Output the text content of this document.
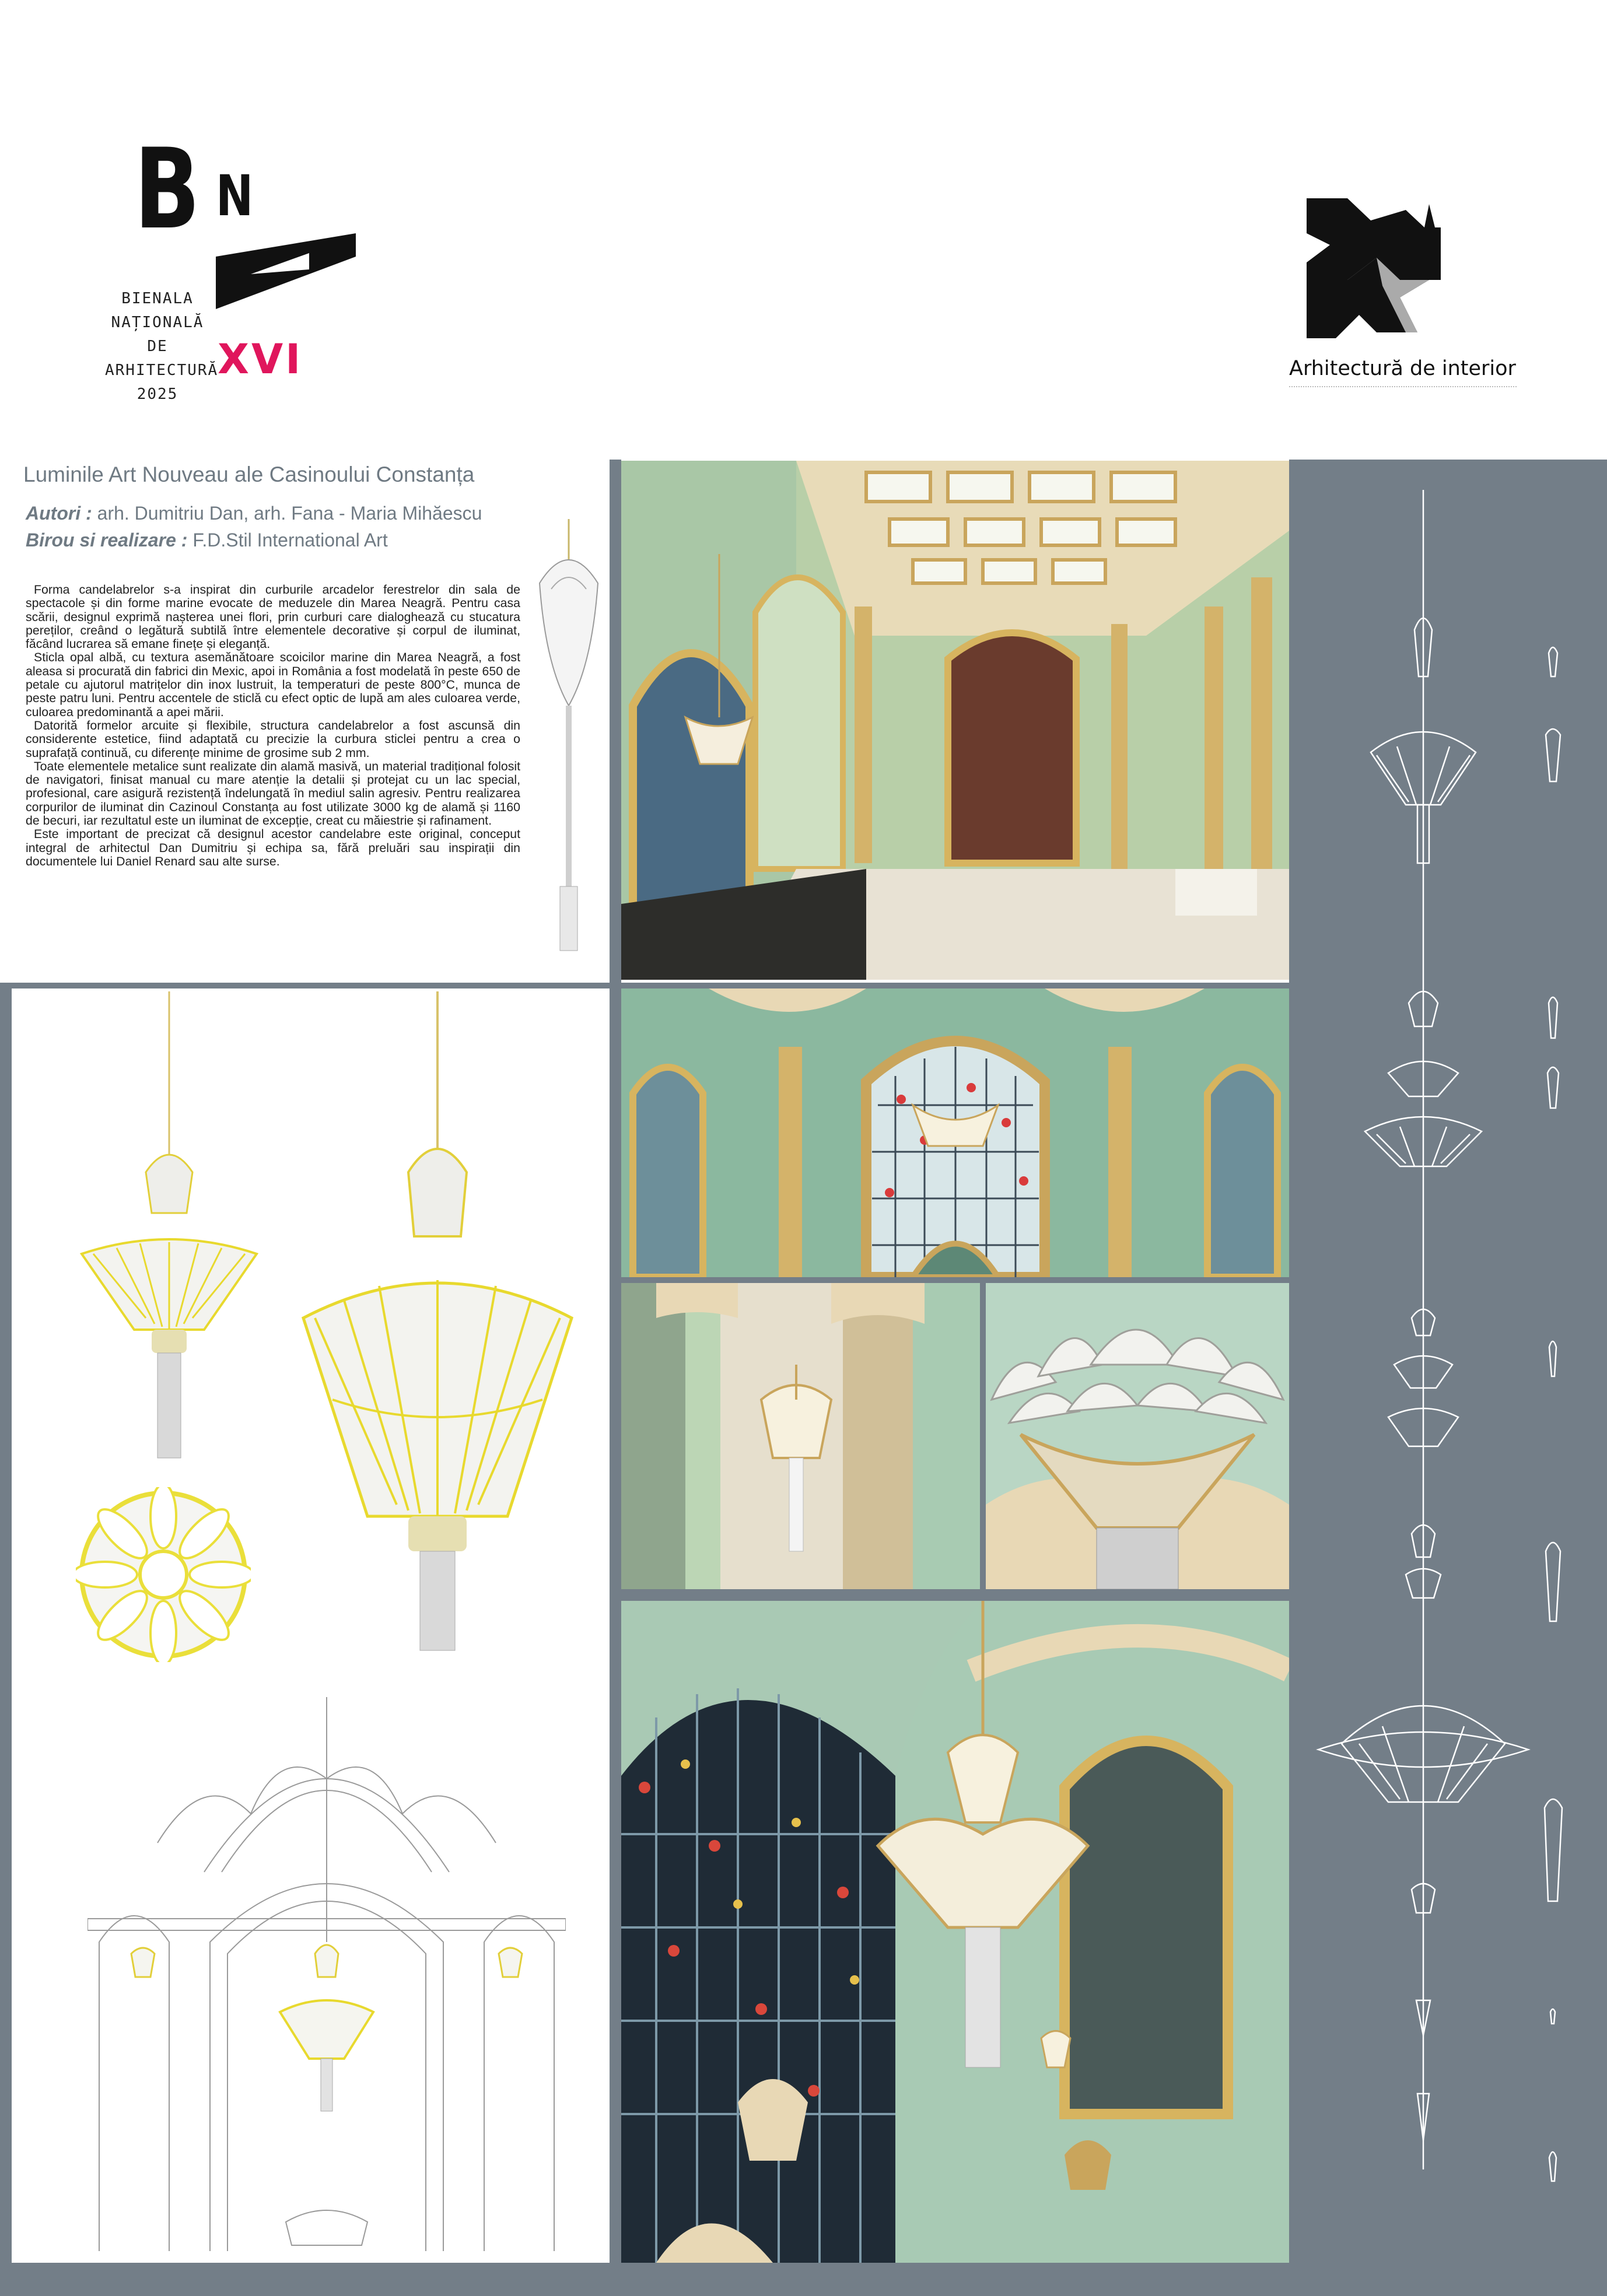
B N
BIENALA
NAȚIONALĂ
DE
ARHITECTURĂ
2025
XVI	Arhitectură de interior
Luminile Art Nouveau ale Casinoului Constanța
Autori : arh. Dumitriu Dan, arh. Fana - Maria Mihăescu
Birou si realizare : F.D.Stil International Art

Forma candelabrelor s-a inspirat din curburile arcadelor ferestrelor din sala de spectacole și din forme marine evocate de meduzele din Marea Neagră. Pentru casa scării, designul exprimă nașterea unei flori, prin curburi care dialoghează cu stucatura pereților, creând o legătură subtilă între elementele decorative și corpul de iluminat, făcând lucrarea să emane finețe și eleganță.

Sticla opal albă, cu textura asemănătoare scoicilor marine din Marea Neagră, a fost aleasa si procurată din fabrici din Mexic, apoi in România a fost modelată în peste 650 de petale cu ajutorul matrițelor din inox lustruit, la temperaturi de peste 800°C, munca de peste patru luni. Pentru accentele de sticlă cu efect optic de lupă am ales culoarea verde, culoarea predominantă a apei mării.

Datorită formelor arcuite și flexibile, structura candelabrelor a fost ascunsă din considerente estetice, fiind adaptată cu precizie la curbura sticlei pentru a crea o suprafață continuă, cu diferențe minime de grosime sub 2 mm.

Toate elementele metalice sunt realizate din alamă masivă, un material tradițional folosit de navigatori, finisat manual cu mare atenție la detalii și protejat cu un lac special, profesional, care asigură rezistență îndelungată în mediul salin agresiv. Pentru realizarea corpurilor de iluminat din Cazinoul Constanța au fost utilizate 3000 kg de alamă și 1160 de becuri, iar rezultatul este un iluminat de excepție, creat cu măiestrie și rafinament.

Este important de precizat că designul acestor candelabre este original, conceput integral de arhitectul Dan Dumitriu și echipa sa, fără preluări sau inspirații din documentele lui Daniel Renard sau alte surse.
